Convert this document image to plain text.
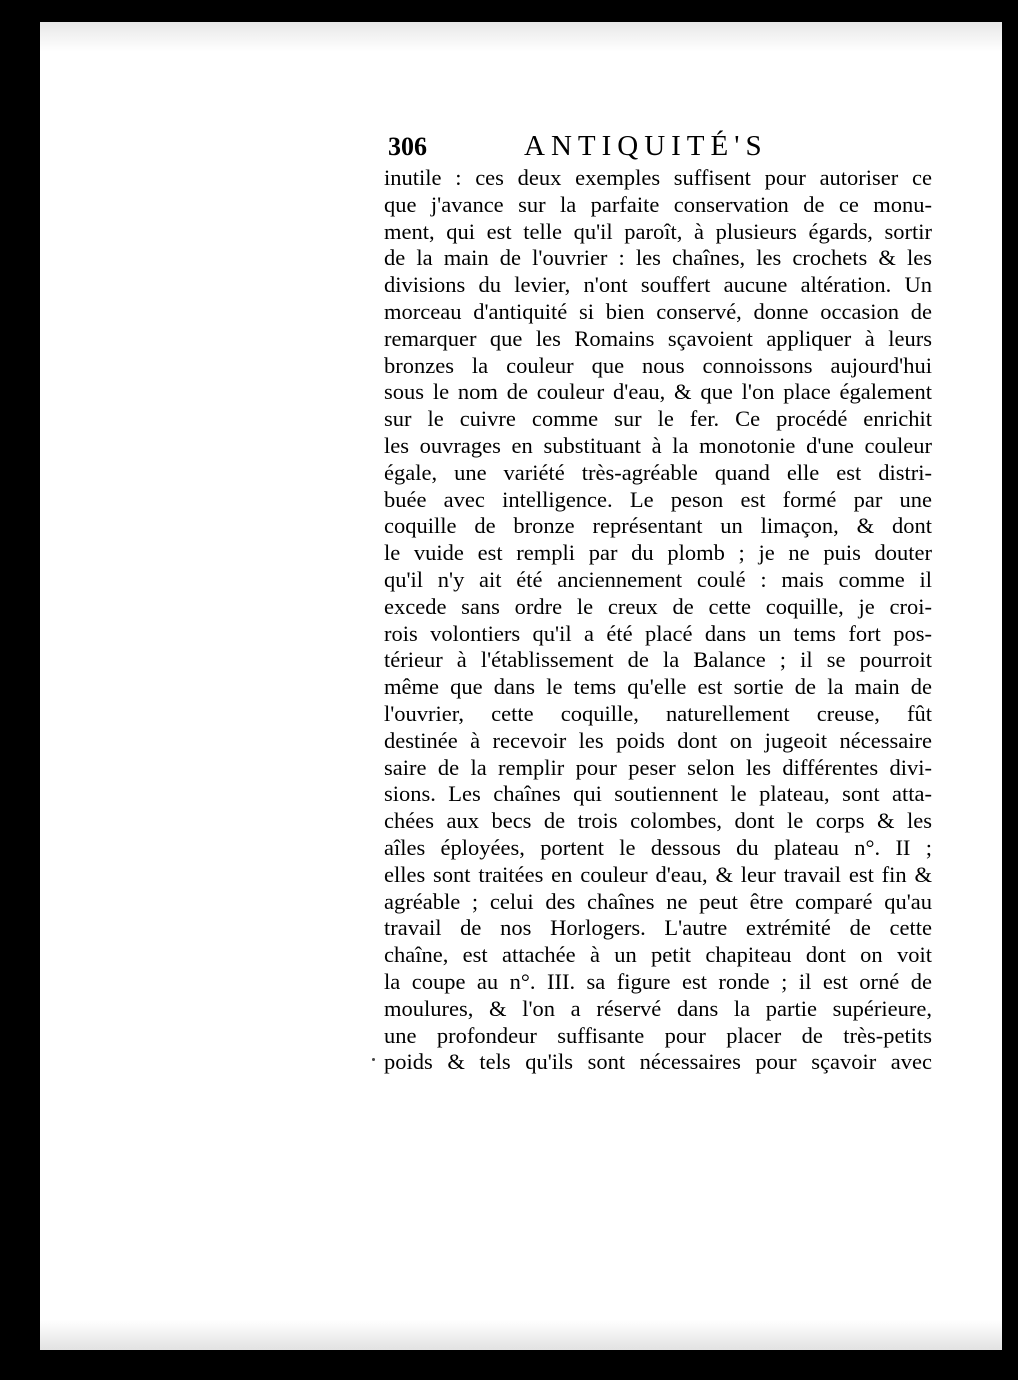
306	ANTIQUITÉ'S
inutile : ces deux exemples suffisent pour autoriser ce
que j'avance sur la parfaite conservation de ce monu-
ment, qui est telle qu'il paroît, à plusieurs égards, sortir
de la main de l'ouvrier : les chaînes, les crochets & les
divisions du levier, n'ont souffert aucune altération. Un
morceau d'antiquité si bien conservé, donne occasion de
remarquer que les Romains sçavoient appliquer à leurs
bronzes la couleur que nous connoissons aujourd'hui
sous le nom de couleur d'eau, & que l'on place également
sur le cuivre comme sur le fer. Ce procédé enrichit
les ouvrages en substituant à la monotonie d'une couleur
égale, une variété très-agréable quand elle est distri-
buée avec intelligence. Le peson est formé par une
coquille de bronze représentant un limaçon, & dont
le vuide est rempli par du plomb ; je ne puis douter
qu'il n'y ait été anciennement coulé : mais comme il
excede sans ordre le creux de cette coquille, je croi-
rois volontiers qu'il a été placé dans un tems fort pos-
térieur à l'établissement de la Balance ; il se pourroit
même que dans le tems qu'elle est sortie de la main de
l'ouvrier, cette coquille, naturellement creuse, fût
destinée à recevoir les poids dont on jugeoit nécessaire
saire de la remplir pour peser selon les différentes divi-
sions. Les chaînes qui soutiennent le plateau, sont atta-
chées aux becs de trois colombes, dont le corps & les
aîles éployées, portent le dessous du plateau n°. II ;
elles sont traitées en couleur d'eau, & leur travail est fin &
agréable ; celui des chaînes ne peut être comparé qu'au
travail de nos Horlogers. L'autre extrémité de cette
chaîne, est attachée à un petit chapiteau dont on voit
la coupe au n°. III. sa figure est ronde ; il est orné de
moulures, & l'on a réservé dans la partie supérieure,
une profondeur suffisante pour placer de très-petits
poids & tels qu'ils sont nécessaires pour sçavoir avec
